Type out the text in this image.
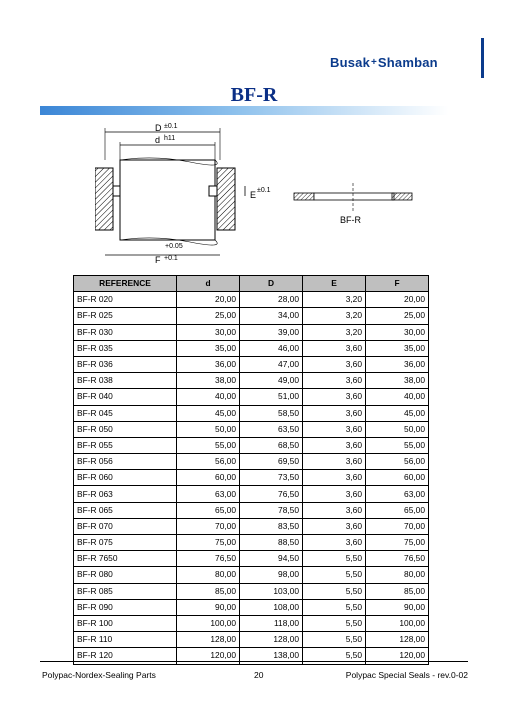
Busak + Shamban
BF-R
D ±0.1
d h11
E ±0.1
+0.05
F +0.1
BF-R
REFERENCE	d	D	E	F
BF-R 020	20,00	28,00	3,20	20,00
BF-R 025	25,00	34,00	3,20	25,00
BF-R 030	30,00	39,00	3,20	30,00
BF-R 035	35,00	46,00	3,60	35,00
BF-R 036	36,00	47,00	3,60	36,00
BF-R 038	38,00	49,00	3,60	38,00
BF-R 040	40,00	51,00	3,60	40,00
BF-R 045	45,00	58,50	3,60	45,00
BF-R 050	50,00	63,50	3,60	50,00
BF-R 055	55,00	68,50	3,60	55,00
BF-R 056	56,00	69,50	3,60	56,00
BF-R 060	60,00	73,50	3,60	60,00
BF-R 063	63,00	76,50	3,60	63,00
BF-R 065	65,00	78,50	3,60	65,00
BF-R 070	70,00	83,50	3,60	70,00
BF-R 075	75,00	88,50	3,60	75,00
BF-R 7650	76,50	94,50	5,50	76,50
BF-R 080	80,00	98,00	5,50	80,00
BF-R 085	85,00	103,00	5,50	85,00
BF-R 090	90,00	108,00	5,50	90,00
BF-R 100	100,00	118,00	5,50	100,00
BF-R 110	128,00	128,00	5,50	128,00
BF-R 120	120,00	138,00	5,50	120,00
Polypac-Nordex-Sealing Parts	20	Polypac Special Seals - rev.0-02
